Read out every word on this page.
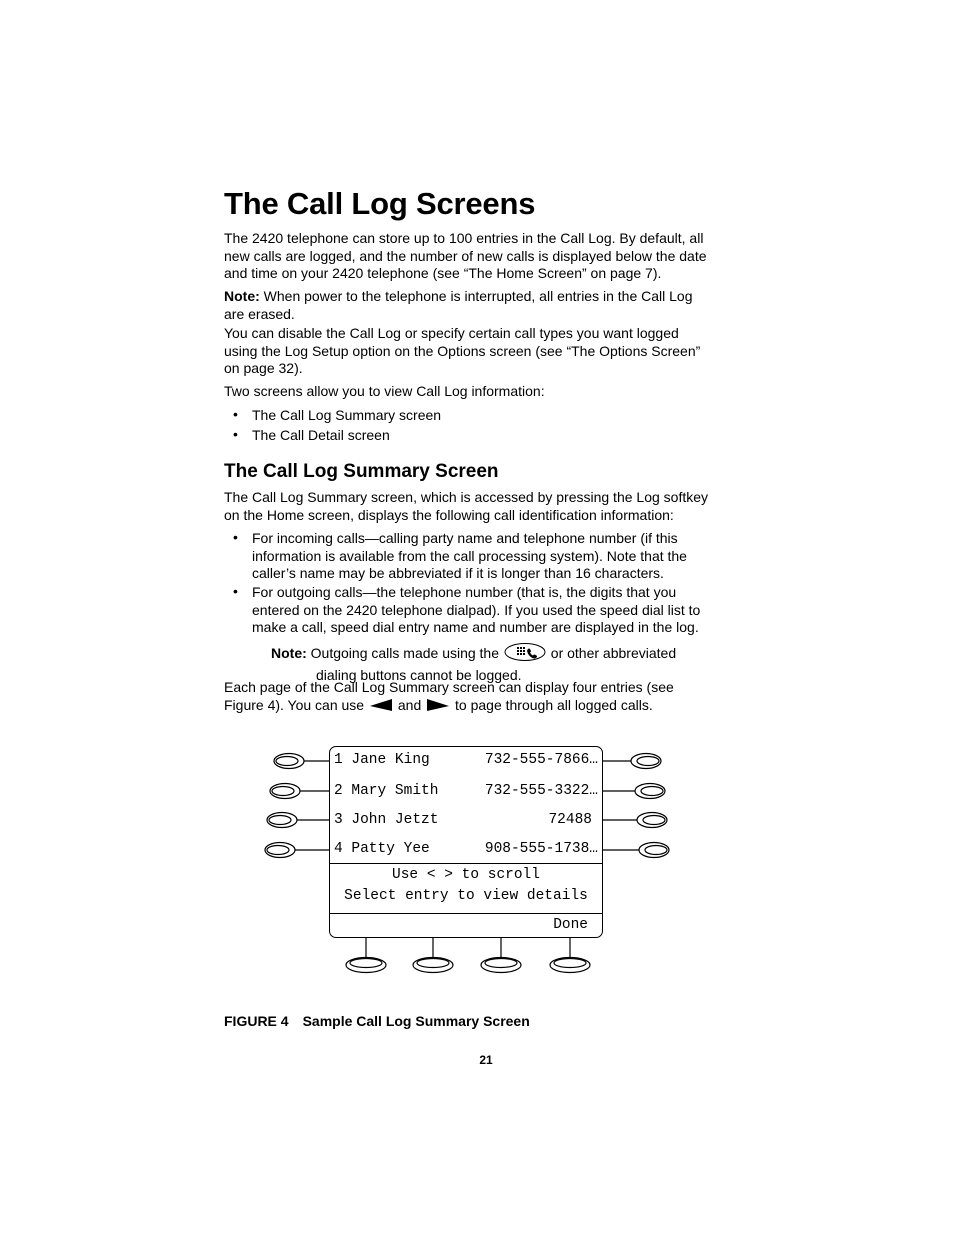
The Call Log Screens

The 2420 telephone can store up to 100 entries in the Call Log. By default, all new calls are logged, and the number of new calls is displayed below the date and time on your 2420 telephone (see “The Home Screen” on page 7).

Note: When power to the telephone is interrupted, all entries in the Call Log are erased.

You can disable the Call Log or specify certain call types you want logged using the Log Setup option on the Options screen (see “The Options Screen” on page 32).

Two screens allow you to view Call Log information:

• The Call Log Summary screen
• The Call Detail screen
The Call Log Summary Screen

The Call Log Summary screen, which is accessed by pressing the Log softkey on the Home screen, displays the following call identification information:

• For incoming calls—calling party name and telephone number (if this information is available from the call processing system). Note that the caller’s name may be abbreviated if it is longer than 16 characters.
• For outgoing calls—the telephone number (that is, the digits that you entered on the 2420 telephone dialpad). If you used the speed dial list to make a call, speed dial entry name and number are displayed in the log.
Note: Outgoing calls made using the	or other abbreviated
dialing buttons cannot be logged.
Each page of the Call Log Summary screen can display four entries (see
Figure 4). You can use and to page through all logged calls.
1 Jane King	732-555-7866…
2 Mary Smith	732-555-3322…
3 John Jetzt	72488
4 Patty Yee	908-555-1738…
Use < > to scroll
Select entry to view details
Done
FIGURE 4 Sample Call Log Summary Screen
21
